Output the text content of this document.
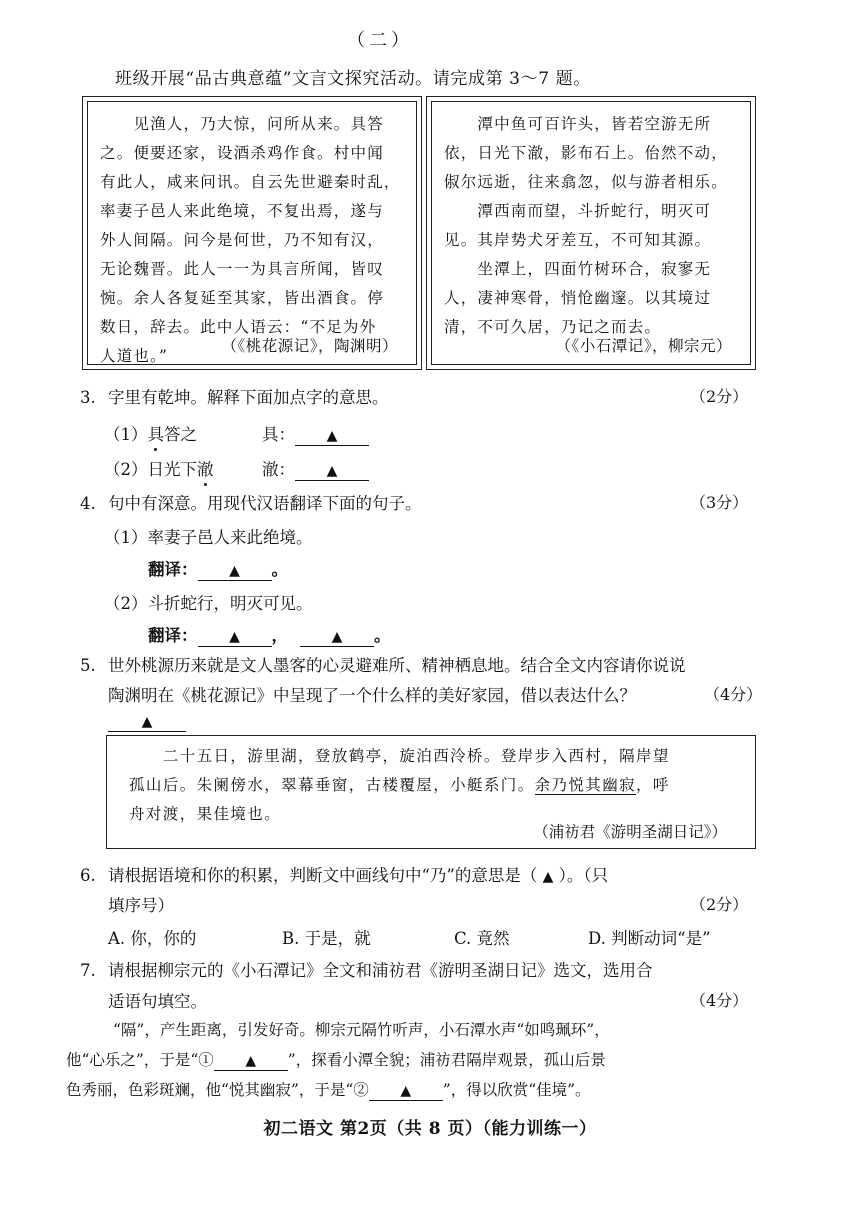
（二）
班级开展“品古典意蕴”文言文探究活动。请完成第 3～7 题。
　　见渔人，乃大惊，问所从来。具答
之。便要还家，设酒杀鸡作食。村中闻
有此人，咸来问讯。自云先世避秦时乱，
率妻子邑人来此绝境，不复出焉，遂与
外人间隔。问今是何世，乃不知有汉，
无论魏晋。此人一一为具言所闻，皆叹
惋。余人各复延至其家，皆出酒食。停
数日，辞去。此中人语云：“不足为外
人道也。”
（《桃花源记》，陶渊明）
　　潭中鱼可百许头，皆若空游无所
依，日光下澈，影布石上。佁然不动，
俶尔远逝，往来翕忽，似与游者相乐。
　　潭西南而望，斗折蛇行，明灭可
见。其岸势犬牙差互，不可知其源。
　　坐潭上，四面竹树环合，寂寥无
人，凄神寒骨，悄怆幽邃。以其境过
清，不可久居，乃记之而去。
（《小石潭记》，柳宗元）
3. 字里有乾坤。解释下面加点字的意思。	（2分）
（1）具答之	具： ▲
（2）日光下澈	澈： ▲
4. 句中有深意。用现代汉语翻译下面的句子。	（3分）
（1）率妻子邑人来此绝境。
翻译： ▲ 。
（2）斗折蛇行，明灭可见。
翻译： ▲ ，	▲ 。
5. 世外桃源历来就是文人墨客的心灵避难所、精神栖息地。结合全文内容请你说说
陶渊明在《桃花源记》中呈现了一个什么样的美好家园，借以表达什么？	（4分）
▲
　　二十五日，游里湖，登放鹤亭，旋泊西泠桥。登岸步入西村，隔岸望
孤山后。朱阑傍水，翠幕垂窗，古楼覆屋，小艇系门。余乃悦其幽寂，呼
舟对渡，果佳境也。
（浦祊君《游明圣湖日记》）
6. 请根据语境和你的积累，判断文中画线句中“乃”的意思是（ ▲ ）。（只
填序号）	（2分）
A. 你，你的	B. 于是，就	C. 竟然	D. 判断动词“是”
7. 请根据柳宗元的《小石潭记》全文和浦祊君《游明圣湖日记》选文，选用合
适语句填空。	（4分）
　　“隔”，产生距离，引发好奇。柳宗元隔竹听声，小石潭水声“如鸣珮环”，
他“心乐之”，于是“① ▲ ”，探看小潭全貌；浦祊君隔岸观景，孤山后景
色秀丽，色彩斑斓，他“悦其幽寂”，于是“② ▲ ”，得以欣赏“佳境”。
初二语文 第2页（共 8 页）（能力训练一）
